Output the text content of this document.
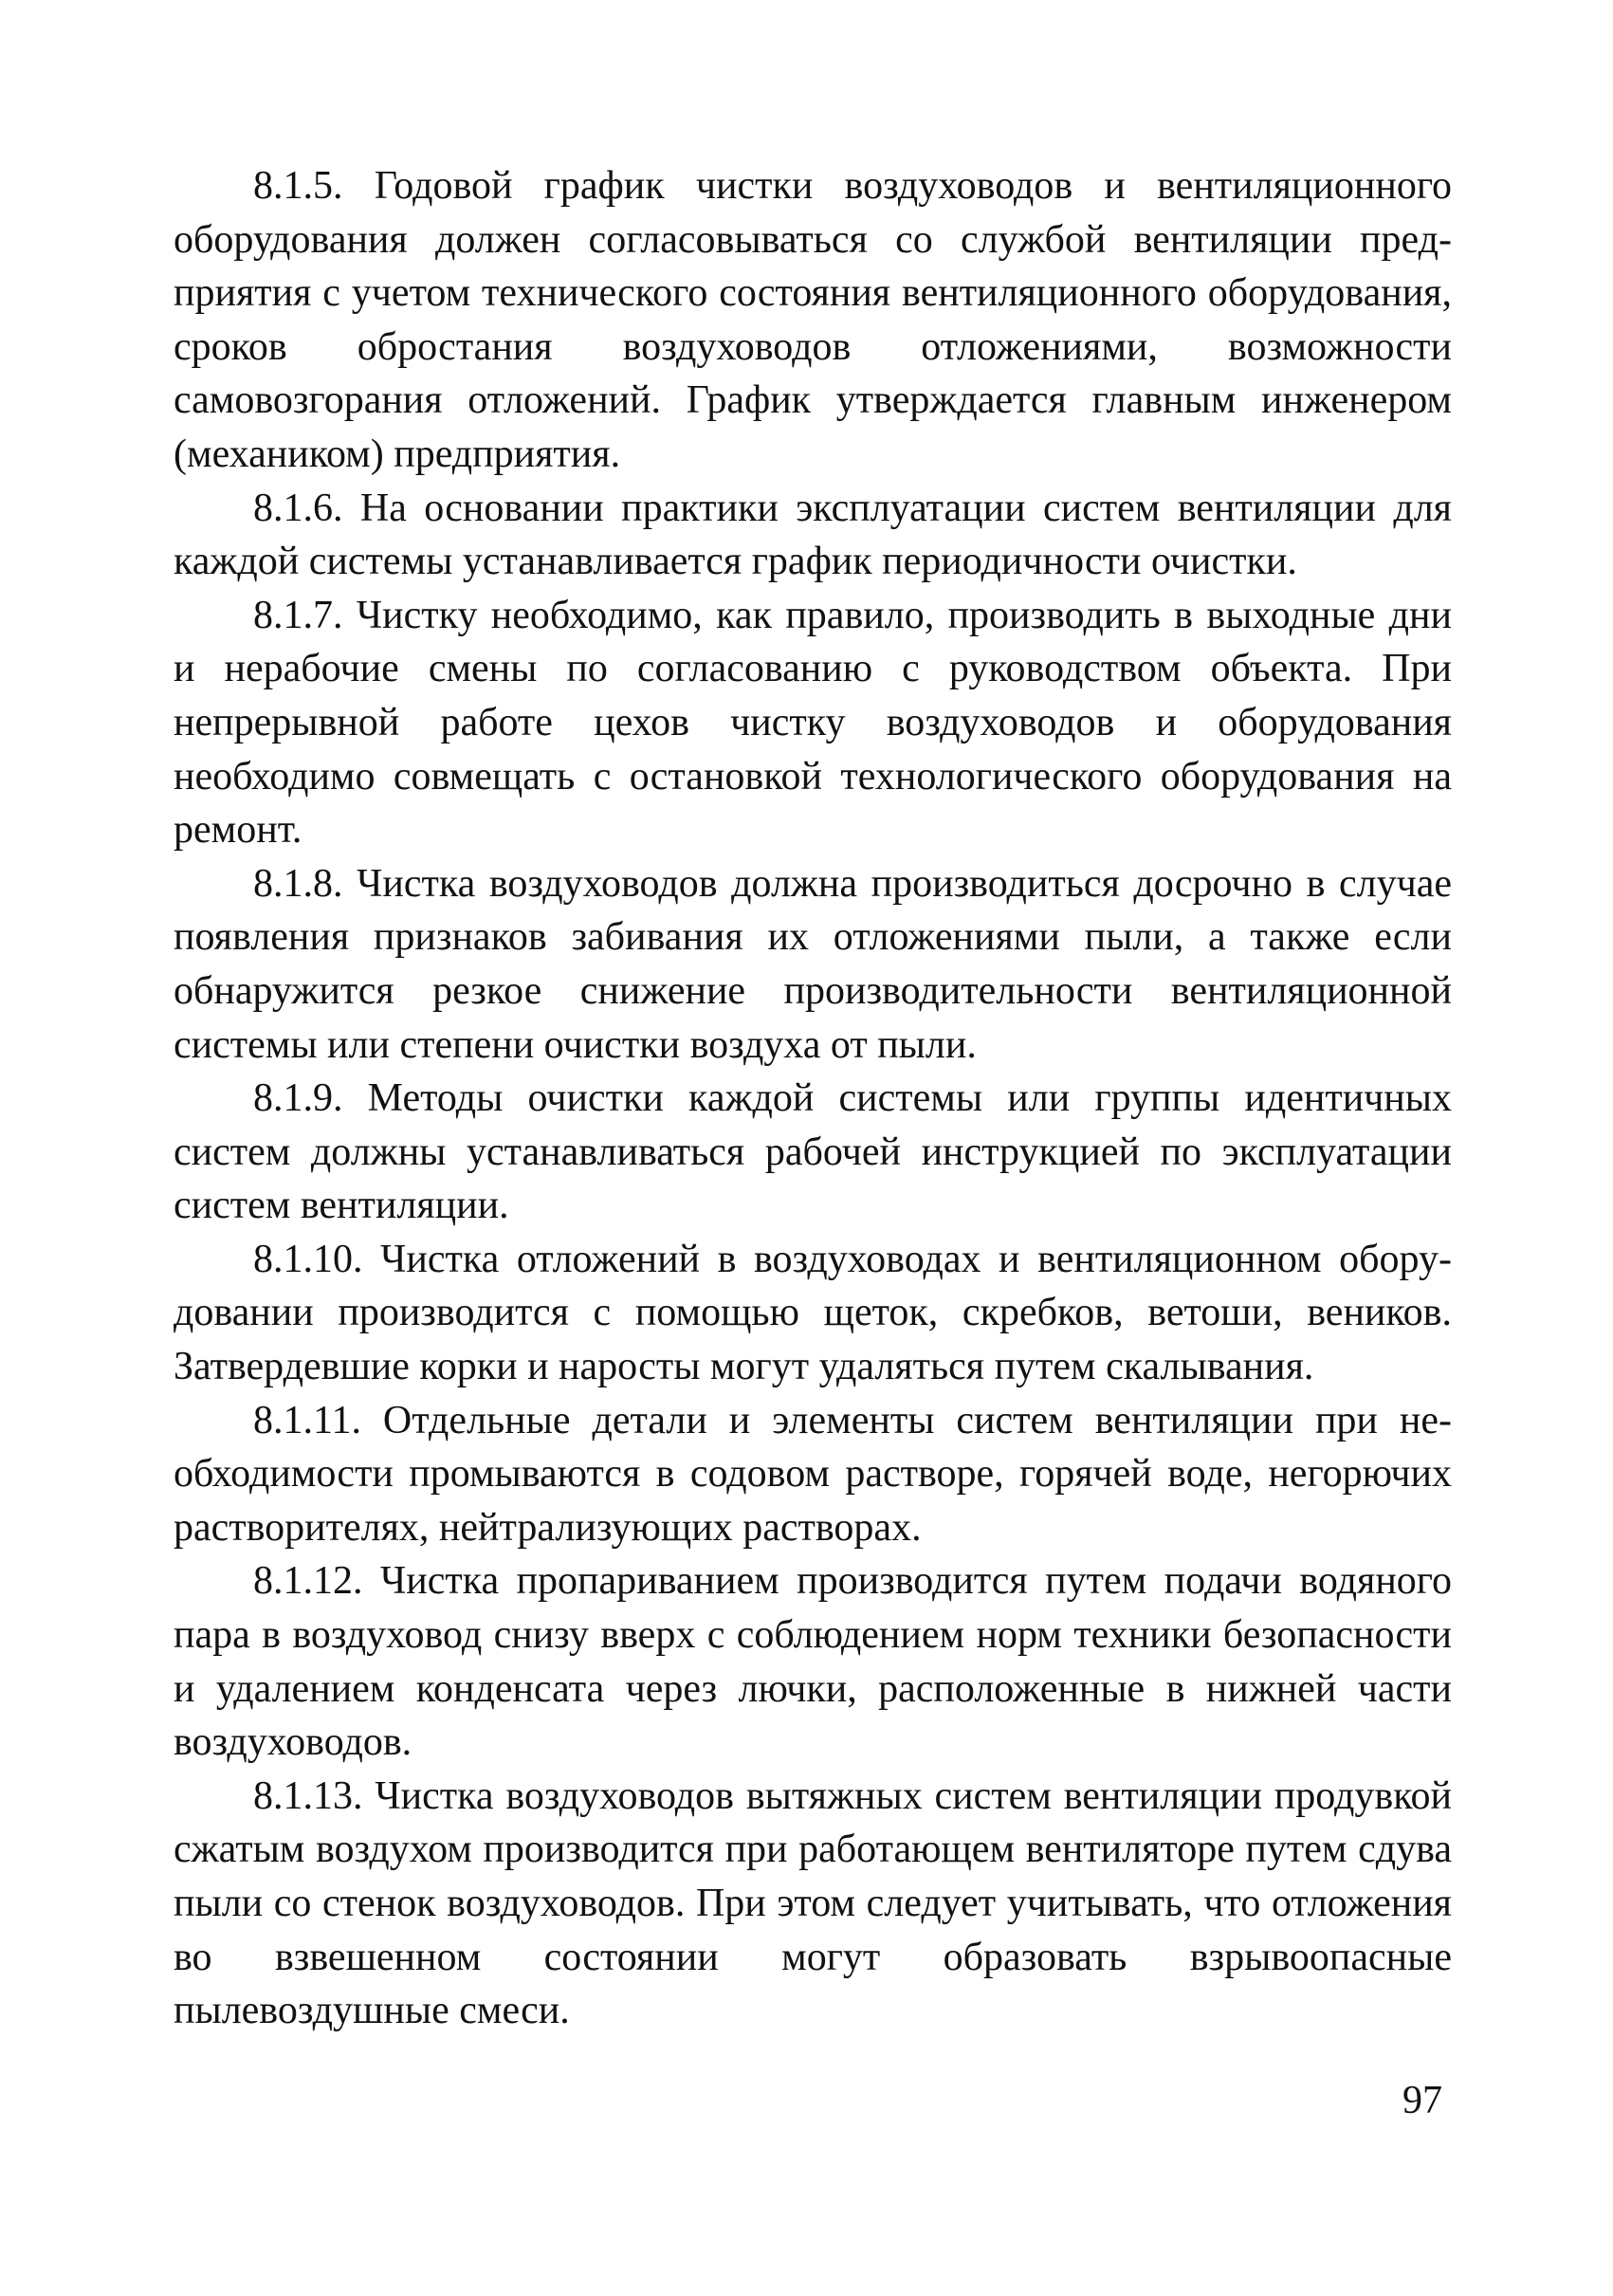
8.1.5. Годовой график чистки воздуховодов и вентиляционного оборудования должен согласовываться со службой вентиляции предприятия с учетом технического состояния вентиляционного оборудования, сроков обростания воздуховодов отложениями, возможности самовозгорания отложений. График утверждается главным инженером (механиком) предприятия.

8.1.6. На основании практики эксплуатации систем вентиляции для каждой системы устанавливается график периодичности очистки.

8.1.7. Чистку необходимо, как правило, производить в выходные дни и нерабочие смены по согласованию с руководством объекта. При непрерывной работе цехов чистку воздуховодов и оборудования необходимо совмещать с остановкой технологического оборудования на ремонт.

8.1.8. Чистка воздуховодов должна производиться досрочно в случае появления признаков забивания их отложениями пыли, а также если обнаружится резкое снижение производительности вентиляционной системы или степени очистки воздуха от пыли.

8.1.9. Методы очистки каждой системы или группы идентичных систем должны устанавливаться рабочей инструкцией по эксплуатации систем вентиляции.

8.1.10. Чистка отложений в воздуховодах и вентиляционном оборудовании производится с помощью щеток, скребков, ветоши, веников. Затвердевшие корки и наросты могут удаляться путем скалывания.

8.1.11. Отдельные детали и элементы систем вентиляции при необходимости промываются в содовом растворе, горячей воде, негорючих растворителях, нейтрализующих растворах.

8.1.12. Чистка пропариванием производится путем подачи водяного пара в воздуховод снизу вверх с соблюдением норм техники безопасности и удалением конденсата через лючки, расположенные в нижней части воздуховодов.

8.1.13. Чистка воздуховодов вытяжных систем вентиляции продувкой сжатым воздухом производится при работающем вентиляторе путем сдува пыли со стенок воздуховодов. При этом следует учитывать, что отложения во взвешенном состоянии могут образовать взрывоопасные пылевоздушные смеси.

97
